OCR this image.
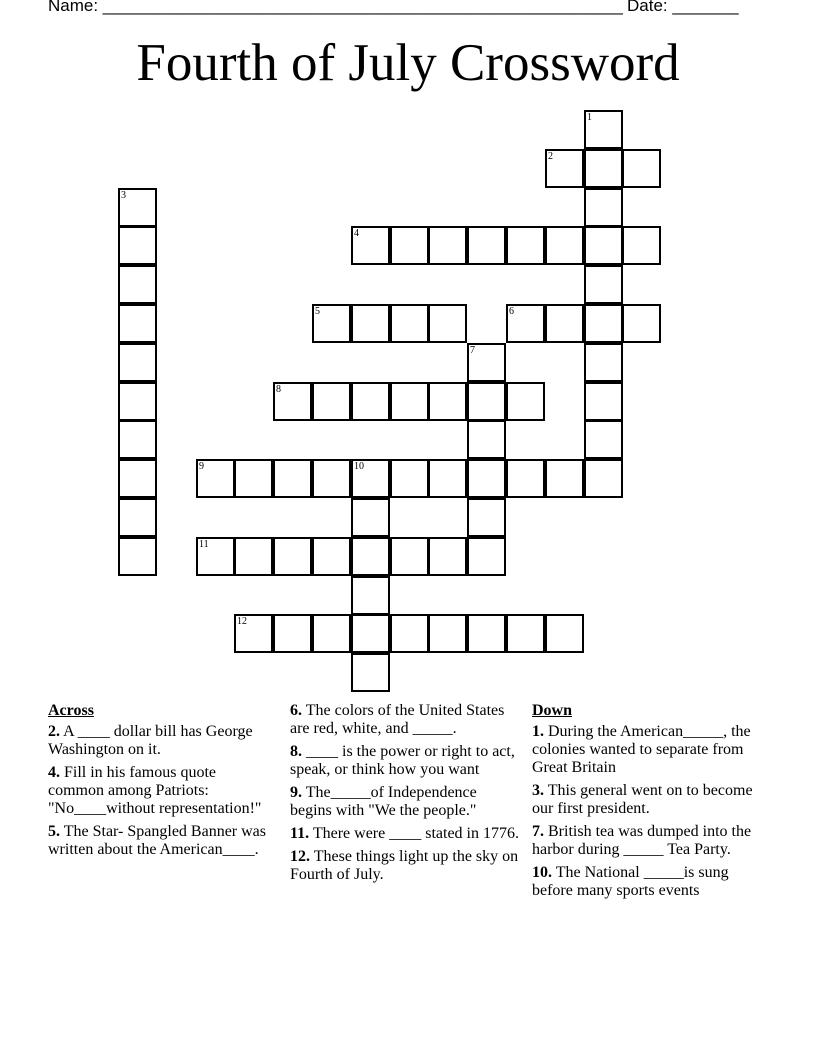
Name: _______________________________________________________ Date: _______
Fourth of July Crossword
1
2
3
4
5	6
7
8
9	10
11
12
Across
2. A ____ dollar bill has George Washington on it.
4. Fill in his famous quote common among Patriots: "No____without representation!"
5. The Star- Spangled Banner was written about the American____.
6. The colors of the United States are red, white, and _____.
8. ____ is the power or right to act, speak, or think how you want
9. The_____of Independence begins with "We the people."
11. There were ____ stated in 1776.
12. These things light up the sky on Fourth of July.
Down
1. During the American_____, the colonies wanted to separate from Great Britain
3. This general went on to become our first president.
7. British tea was dumped into the harbor during _____ Tea Party.
10. The National _____is sung before many sports events
